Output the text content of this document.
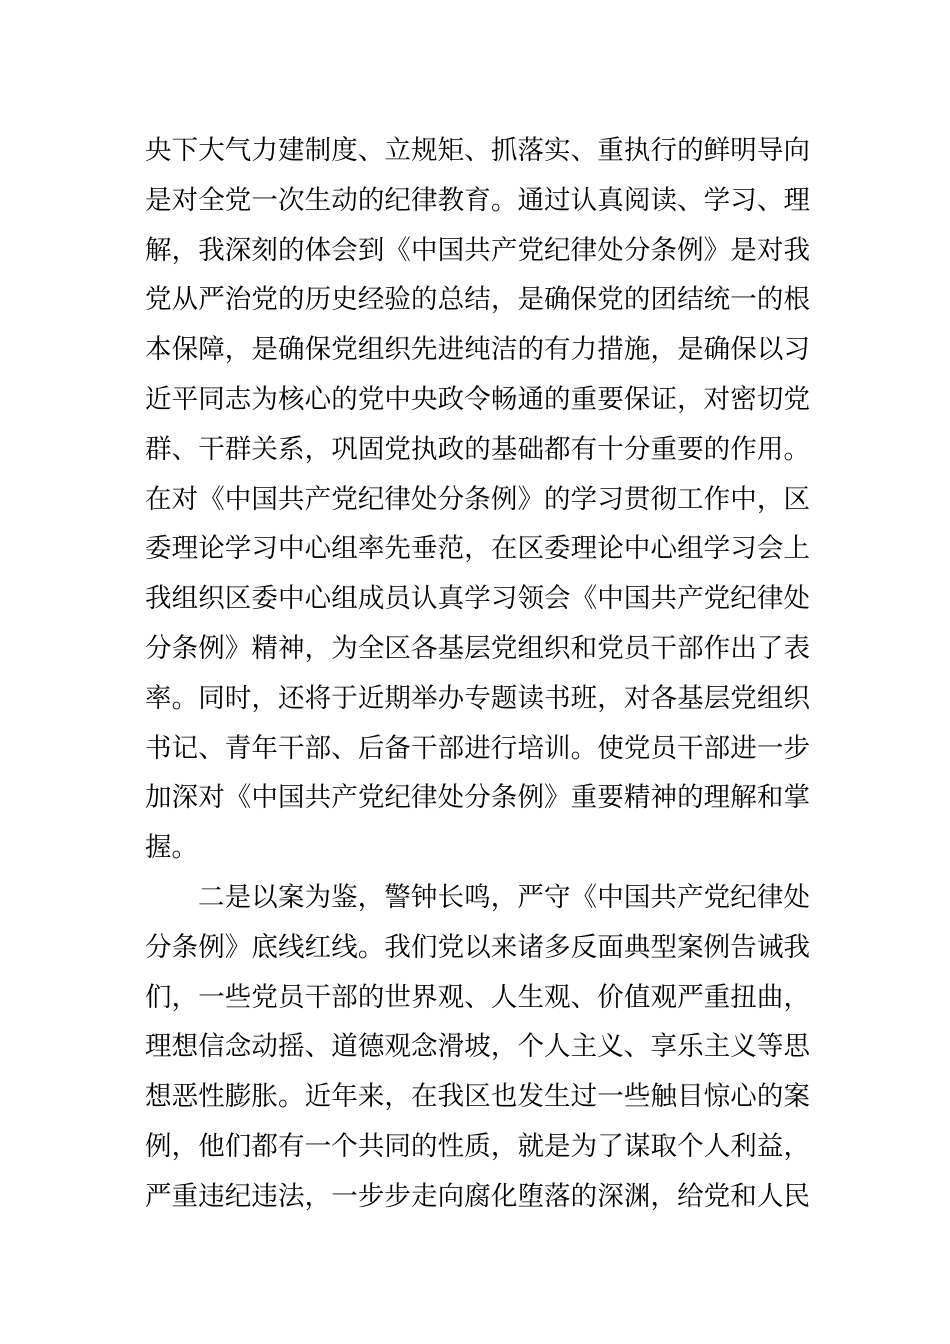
央下大气力建制度、立规矩、抓落实、重执行的鲜明导向
是对全党一次生动的纪律教育。通过认真阅读、学习、理
解，我深刻的体会到《中国共产党纪律处分条例》是对我
党从严治党的历史经验的总结，是确保党的团结统一的根
本保障，是确保党组织先进纯洁的有力措施，是确保以习
近平同志为核心的党中央政令畅通的重要保证，对密切党
群、干群关系，巩固党执政的基础都有十分重要的作用。
在对《中国共产党纪律处分条例》的学习贯彻工作中，区
委理论学习中心组率先垂范，在区委理论中心组学习会上
我组织区委中心组成员认真学习领会《中国共产党纪律处
分条例》精神，为全区各基层党组织和党员干部作出了表
率。同时，还将于近期举办专题读书班，对各基层党组织
书记、青年干部、后备干部进行培训。使党员干部进一步
加深对《中国共产党纪律处分条例》重要精神的理解和掌
握。
二是以案为鉴，警钟长鸣，严守《中国共产党纪律处
分条例》底线红线。我们党以来诸多反面典型案例告诫我
们，一些党员干部的世界观、人生观、价值观严重扭曲，
理想信念动摇、道德观念滑坡，个人主义、享乐主义等思
想恶性膨胀。近年来，在我区也发生过一些触目惊心的案
例，他们都有一个共同的性质，就是为了谋取个人利益，
严重违纪违法，一步步走向腐化堕落的深渊，给党和人民
